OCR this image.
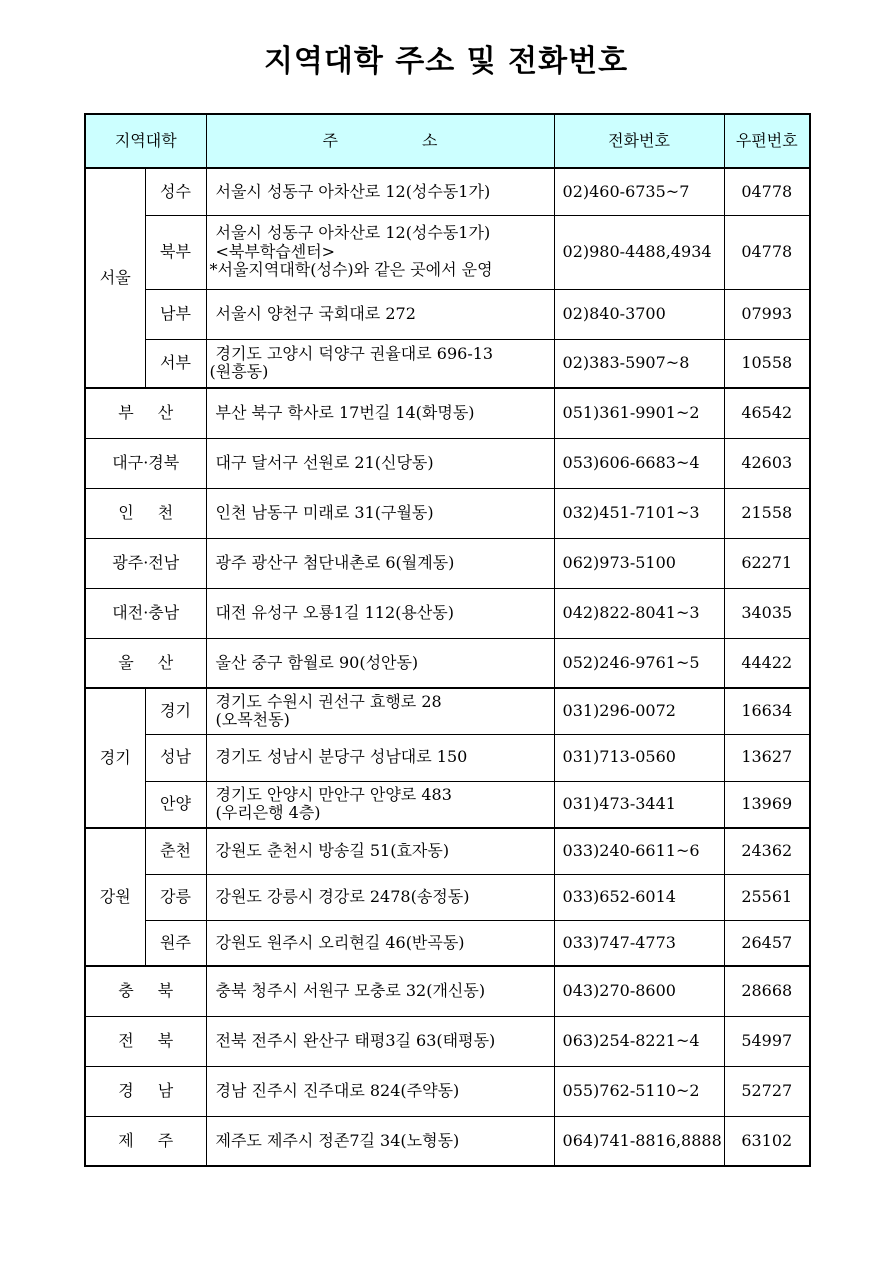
지역대학 주소 및 전화번호
지역대학		주 소	전화번호	우편번호
서울	성수	서울시 성동구 아차산로 12(성수동1가)	02)460-6735~7	04778
	북부	서울시 성동구 아차산로 12(성수동1가)
<북부학습센터>
*서울지역대학(성수)와 같은 곳에서 운영	02)980-4488,4934	04778
	남부	서울시 양천구 국회대로 272	02)840-3700	07993
	서부	경기도 고양시 덕양구 권율대로 696-13
(원흥동)	02)383-5907~8	10558
부 산		부산 북구 학사로 17번길 14(화명동)	051)361-9901~2	46542
대구·경북		대구 달서구 선원로 21(신당동)	053)606-6683~4	42603
인 천		인천 남동구 미래로 31(구월동)	032)451-7101~3	21558
광주·전남		광주 광산구 첨단내촌로 6(월계동)	062)973-5100	62271
대전·충남		대전 유성구 오룡1길 112(용산동)	042)822-8041~3	34035
울 산		울산 중구 함월로 90(성안동)	052)246-9761~5	44422
경기	경기	경기도 수원시 권선구 효행로 28
(오목천동)	031)296-0072	16634
	성남	경기도 성남시 분당구 성남대로 150	031)713-0560	13627
	안양	경기도 안양시 만안구 안양로 483
(우리은행 4층)	031)473-3441	13969
강원	춘천	강원도 춘천시 방송길 51(효자동)	033)240-6611~6	24362
	강릉	강원도 강릉시 경강로 2478(송정동)	033)652-6014	25561
	원주	강원도 원주시 오리현길 46(반곡동)	033)747-4773	26457
충 북		충북 청주시 서원구 모충로 32(개신동)	043)270-8600	28668
전 북		전북 전주시 완산구 태평3길 63(태평동)	063)254-8221~4	54997
경 남		경남 진주시 진주대로 824(주약동)	055)762-5110~2	52727
제 주		제주도 제주시 정존7길 34(노형동)	064)741-8816,8888	63102
